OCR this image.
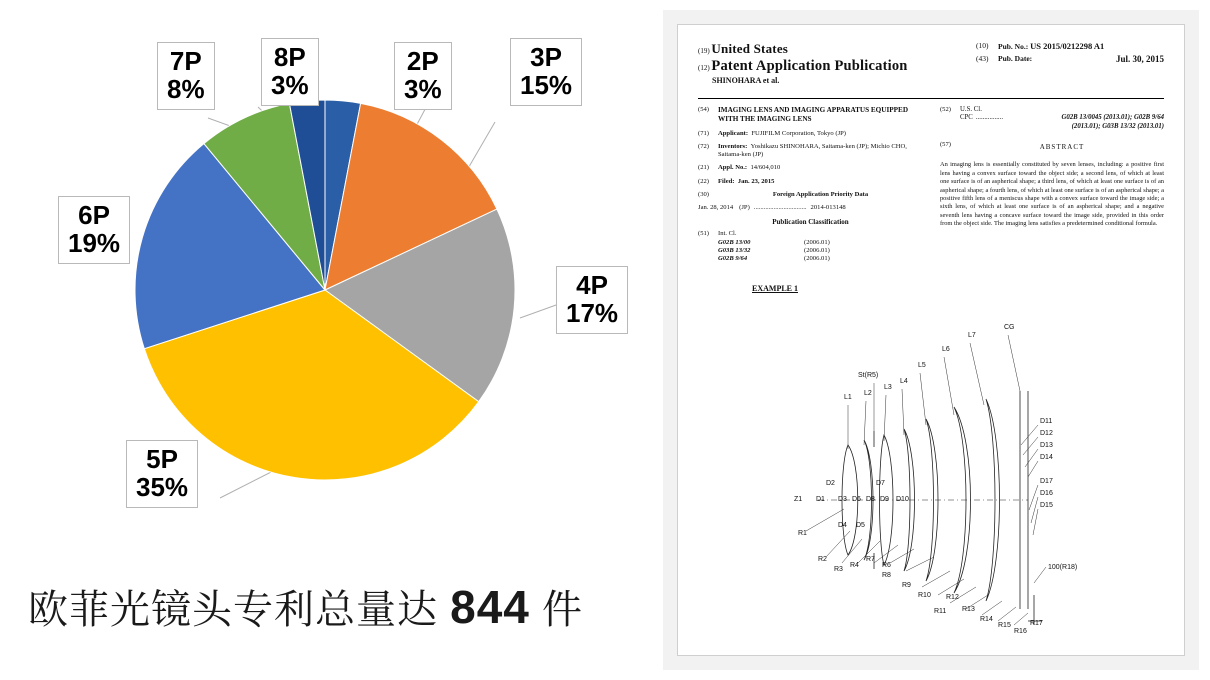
7P
8%
8P
3%
2P
3%
3P
15%
6P
19%
4P
17%
5P
35%
欧菲光镜头专利总量达 844 件
(19) United States
(12) Patent Application Publication
SHINOHARA et al.
(10)	Pub. No.: US 2015/0212298 A1
(43)	Pub. Date:	Jul. 30, 2015
(54)	IMAGING LENS AND IMAGING APPARATUS EQUIPPED WITH THE IMAGING LENS
(71)	Applicant: FUJIFILM Corporation, Tokyo (JP)
(72)	Inventors: Yoshikazu SHINOHARA, Saitama-ken (JP); Michio CHO, Saitama-ken (JP)
(21)	Appl. No.: 14/604,010
(22)	Filed: Jan. 23, 2015
(30)	Foreign Application Priority Data
Jan. 28, 2014 (JP) ................................ 2014-013148
Publication Classification
(51)	Int. Cl.
G02B 13/00	(2006.01)
G03B 13/32	(2006.01)
G02B 9/64	(2006.01)
(52)	U.S. Cl.
CPC ................	G02B 13/0045 (2013.01); G02B 9/64
(2013.01); G03B 13/32 (2013.01)
(57)	ABSTRACT
An imaging lens is essentially constituted by seven lenses, including: a positive first lens having a convex surface toward the object side; a second lens, of which at least one surface is of an aspherical shape; a third lens, of which at least one surface is of an aspherical shape; a fourth lens, of which at least one surface is of an aspherical shape; a positive fifth lens of a meniscus shape with a convex surface toward the image side; a sixth lens, of which at least one surface is of an aspherical shape; and a negative seventh lens having a concave surface toward the image side, provided in this order from the object side. The imaging lens satisfies a predetermined conditional formula.
EXAMPLE 1
CG
L7
L6
L5
L4
L3
L2
L1
St(R5)
Z1 D1
D2
D3
D4 D5
D6
D7
D8 D9 D10
D11
D12
D13
D14
D15
D16
D17
R1
R2
R3
R4	R6
R7
R8
R9
R10
R11
R12
R13
R14
R15
R16
R17
100(R18)
